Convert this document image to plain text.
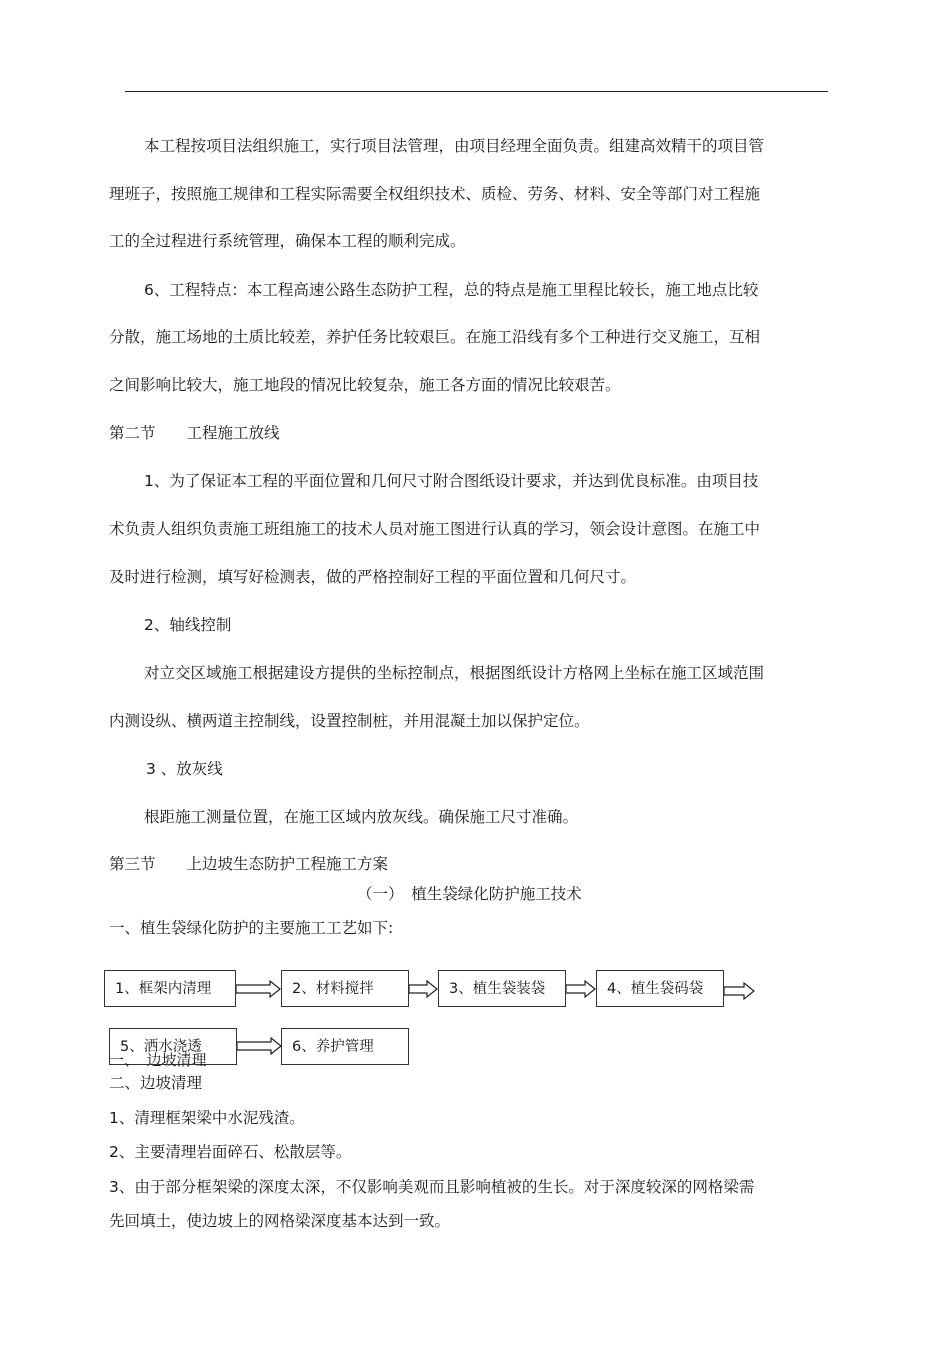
本工程按项目法组织施工，实行项目法管理，由项目经理全面负责。组建高效精干的项目管
理班子，按照施工规律和工程实际需要全权组织技术、质检、劳务、材料、安全等部门对工程施
工的全过程进行系统管理，确保本工程的顺利完成。
6、工程特点：本工程高速公路生态防护工程，总的特点是施工里程比较长，施工地点比较
分散，施工场地的土质比较差，养护任务比较艰巨。在施工沿线有多个工种进行交叉施工，互相
之间影响比较大，施工地段的情况比较复杂，施工各方面的情况比较艰苦。
第二节　　工程施工放线
1、为了保证本工程的平面位置和几何尺寸附合图纸设计要求，并达到优良标准。由项目技
术负责人组织负责施工班组施工的技术人员对施工图进行认真的学习，领会设计意图。在施工中
及时进行检测，填写好检测表，做的严格控制好工程的平面位置和几何尺寸。
2、轴线控制
对立交区域施工根据建设方提供的坐标控制点，根据图纸设计方格网上坐标在施工区域范围
内测设纵、横两道主控制线，设置控制桩，并用混凝土加以保护定位。
3 、放灰线
根距施工测量位置，在施工区域内放灰线。确保施工尺寸准确。
第三节　　上边坡生态防护工程施工方案
（一）　植生袋绿化防护施工技术
一、植生袋绿化防护的主要施工工艺如下:
1、框架内清理	2、材料搅拌	3、植生袋装袋	4、植生袋码袋
5、洒水浇透	6、养护管理
一、　边坡清理
二、边坡清理
1、清理框架梁中水泥残渣。
2、主要清理岩面碎石、松散层等。
3、由于部分框架梁的深度太深，不仅影响美观而且影响植被的生长。对于深度较深的网格梁需
先回填土，使边坡上的网格梁深度基本达到一致。
